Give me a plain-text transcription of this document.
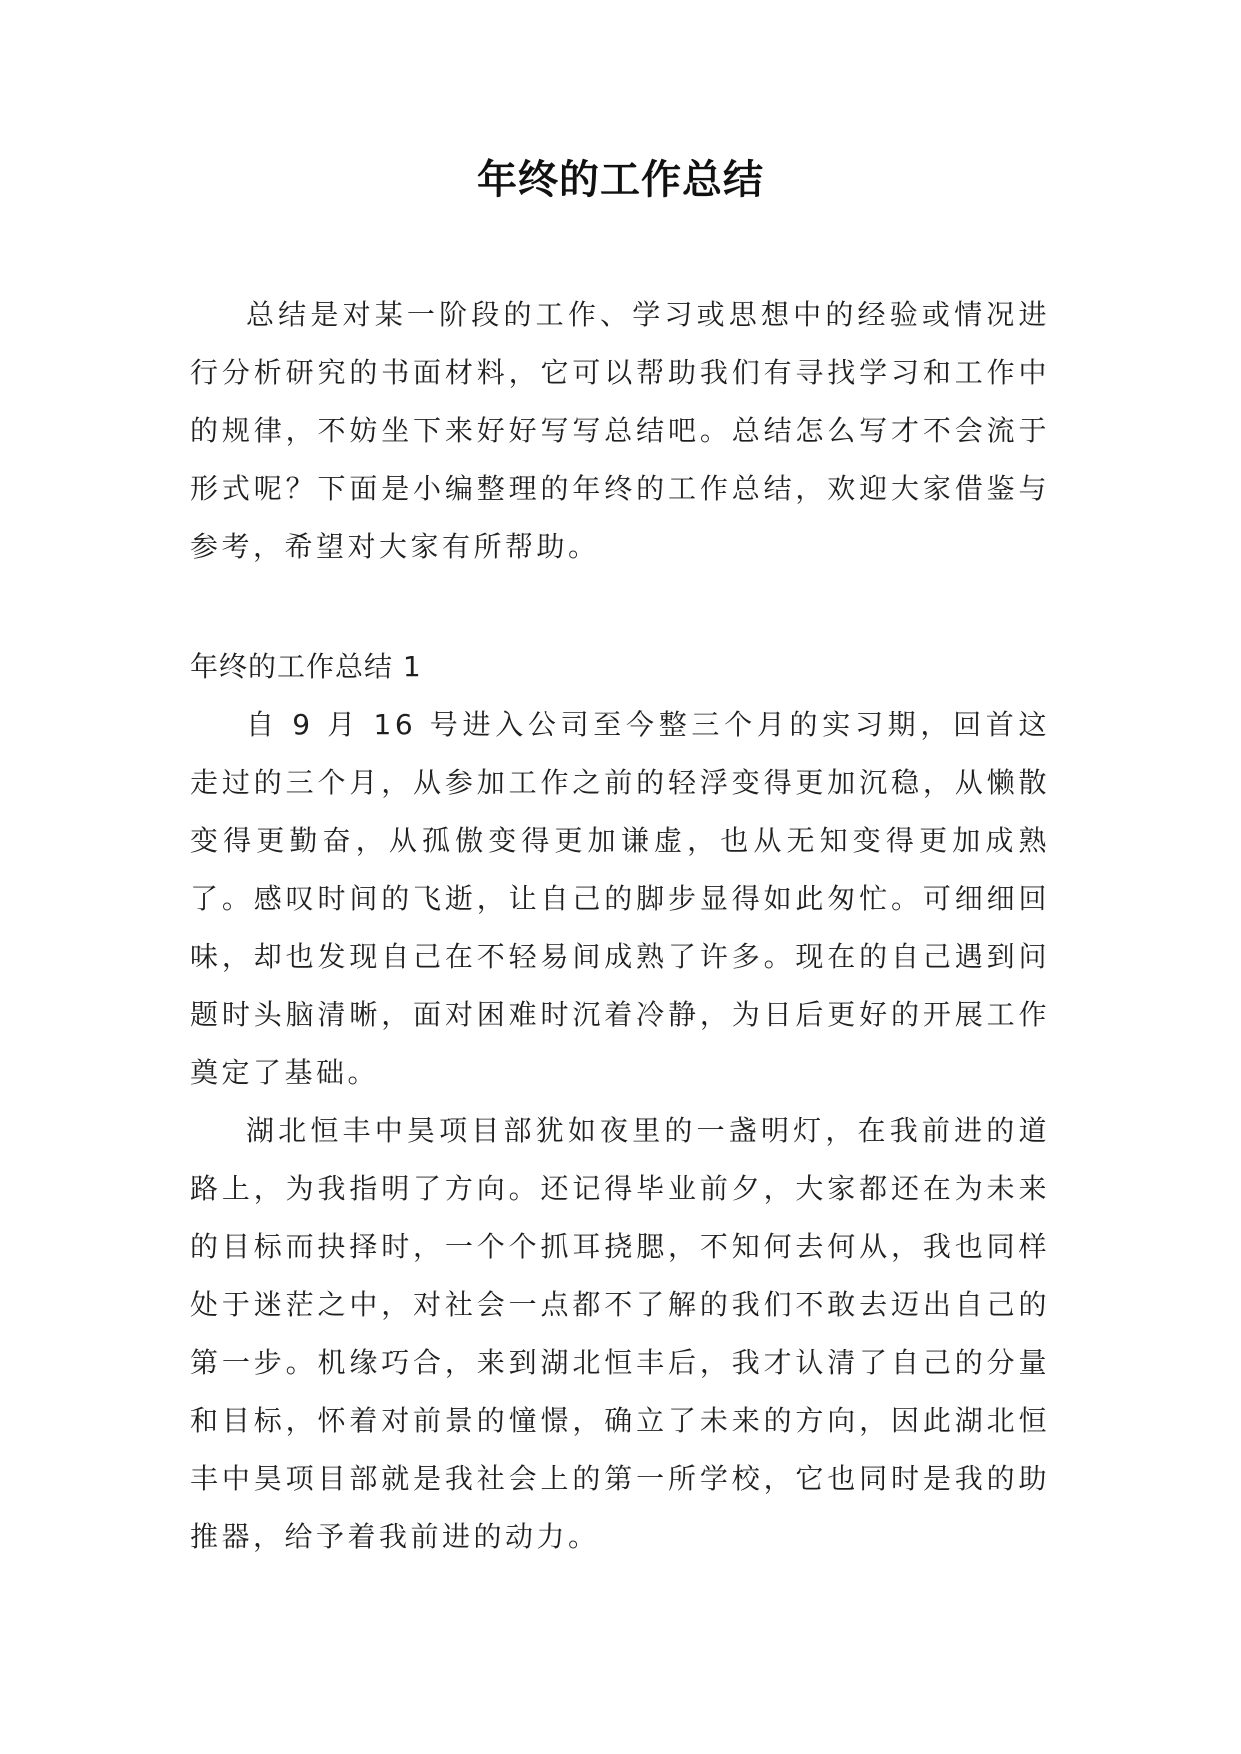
年终的工作总结

总结是对某一阶段的工作、学习或思想中的经验或情况进行分析研究的书面材料，它可以帮助我们有寻找学习和工作中的规律，不妨坐下来好好写写总结吧。总结怎么写才不会流于形式呢？下面是小编整理的年终的工作总结，欢迎大家借鉴与参考，希望对大家有所帮助。

年终的工作总结 1

自 9 月 16 号进入公司至今整三个月的实习期，回首这走过的三个月，从参加工作之前的轻浮变得更加沉稳，从懒散变得更勤奋，从孤傲变得更加谦虚，也从无知变得更加成熟了。感叹时间的飞逝，让自己的脚步显得如此匆忙。可细细回味，却也发现自己在不轻易间成熟了许多。现在的自己遇到问题时头脑清晰，面对困难时沉着冷静，为日后更好的开展工作奠定了基础。

湖北恒丰中昊项目部犹如夜里的一盏明灯，在我前进的道路上，为我指明了方向。还记得毕业前夕，大家都还在为未来的目标而抉择时，一个个抓耳挠腮，不知何去何从，我也同样处于迷茫之中，对社会一点都不了解的我们不敢去迈出自己的第一步。机缘巧合，来到湖北恒丰后，我才认清了自己的分量和目标，怀着对前景的憧憬，确立了未来的方向，因此湖北恒丰中昊项目部就是我社会上的第一所学校，它也同时是我的助推器，给予着我前进的动力。
